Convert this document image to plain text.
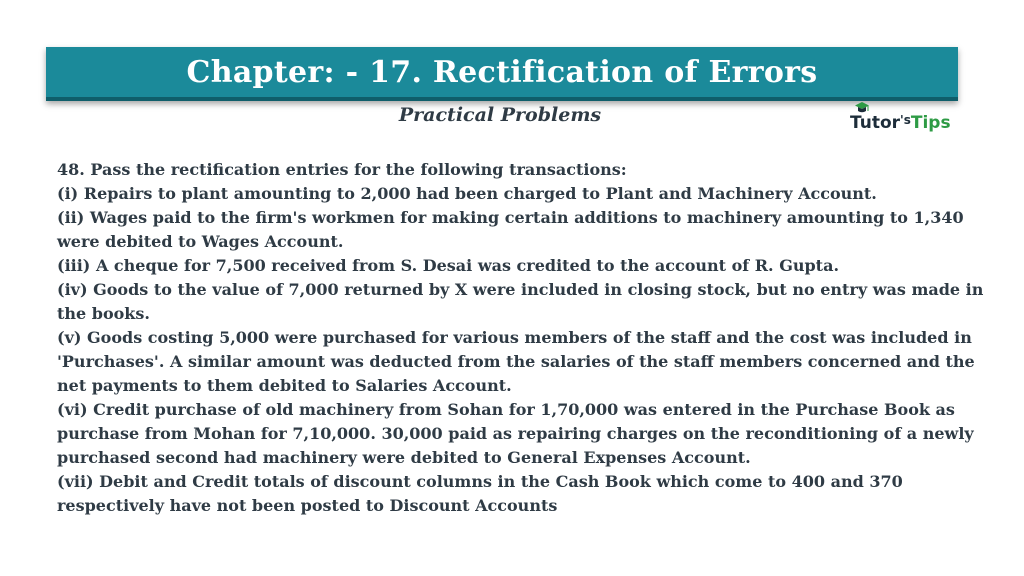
Chapter: - 17. Rectification of Errors
Practical Problems	Tutor$^{'s}$Tips

48. Pass the rectification entries for the following transactions:

(i) Repairs to plant amounting to 2,000 had been charged to Plant and Machinery Account.

(ii) Wages paid to the firm's workmen for making certain additions to machinery amounting to 1,340 were debited to Wages Account.

(iii) A cheque for 7,500 received from S. Desai was credited to the account of R. Gupta.

(iv) Goods to the value of 7,000 returned by X were included in closing stock, but no entry was made in the books.

(v) Goods costing 5,000 were purchased for various members of the staff and the cost was included in 'Purchases'. A similar amount was deducted from the salaries of the staff members concerned and the net payments to them debited to Salaries Account.

(vi) Credit purchase of old machinery from Sohan for 1,70,000 was entered in the Purchase Book as purchase from Mohan for 7,10,000. 30,000 paid as repairing charges on the reconditioning of a newly purchased second had machinery were debited to General Expenses Account.

(vii) Debit and Credit totals of discount columns in the Cash Book which come to 400 and 370 respectively have not been posted to Discount Accounts
